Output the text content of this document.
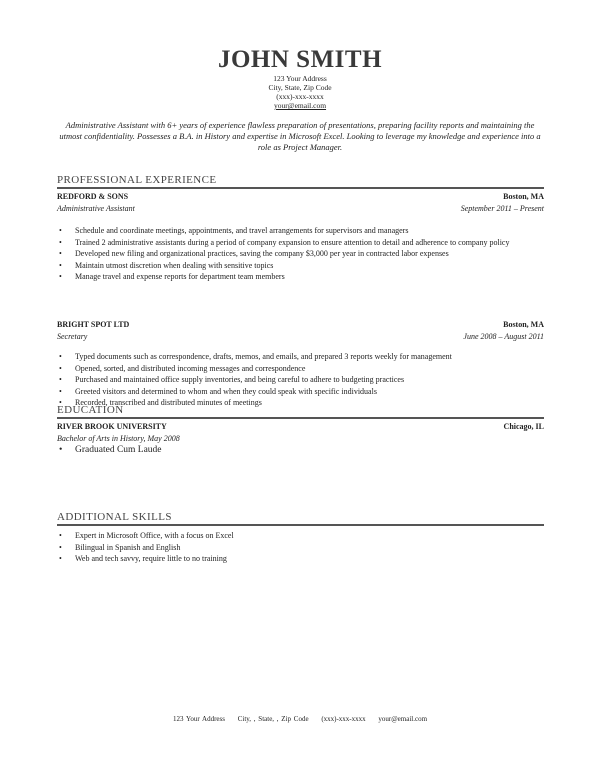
JOHN SMITH
123 Your Address
City, State, Zip Code
(xxx)-xxx-xxxx
your@email.com
Administrative Assistant with 6+ years of experience flawless preparation of presentations, preparing facility reports and maintaining the utmost confidentiality. Possesses a B.A. in History and expertise in Microsoft Excel. Looking to leverage my knowledge and experience into a role as Project Manager.
PROFESSIONAL EXPERIENCE
REDFORD & SONS	Boston, MA
Administrative Assistant	September 2011 – Present
• Schedule and coordinate meetings, appointments, and travel arrangements for supervisors and managers
• Trained 2 administrative assistants during a period of company expansion to ensure attention to detail and adherence to company policy
• Developed new filing and organizational practices, saving the company $3,000 per year in contracted labor expenses
• Maintain utmost discretion when dealing with sensitive topics
• Manage travel and expense reports for department team members
BRIGHT SPOT LTD	Boston, MA
Secretary	June 2008 – August 2011
• Typed documents such as correspondence, drafts, memos, and emails, and prepared 3 reports weekly for management
• Opened, sorted, and distributed incoming messages and correspondence
• Purchased and maintained office supply inventories, and being careful to adhere to budgeting practices
• Greeted visitors and determined to whom and when they could speak with specific individuals
• Recorded, transcribed and distributed minutes of meetings
EDUCATION
RIVER BROOK UNIVERSITY	Chicago, IL
Bachelor of Arts in History, May 2008
• Graduated Cum Laude
ADDITIONAL SKILLS
• Expert in Microsoft Office, with a focus on Excel
• Bilingual in Spanish and English
• Web and tech savvy, require little to no training
123 Your Address City, , State, , Zip Code (xxx)-xxx-xxxx your@email.com
